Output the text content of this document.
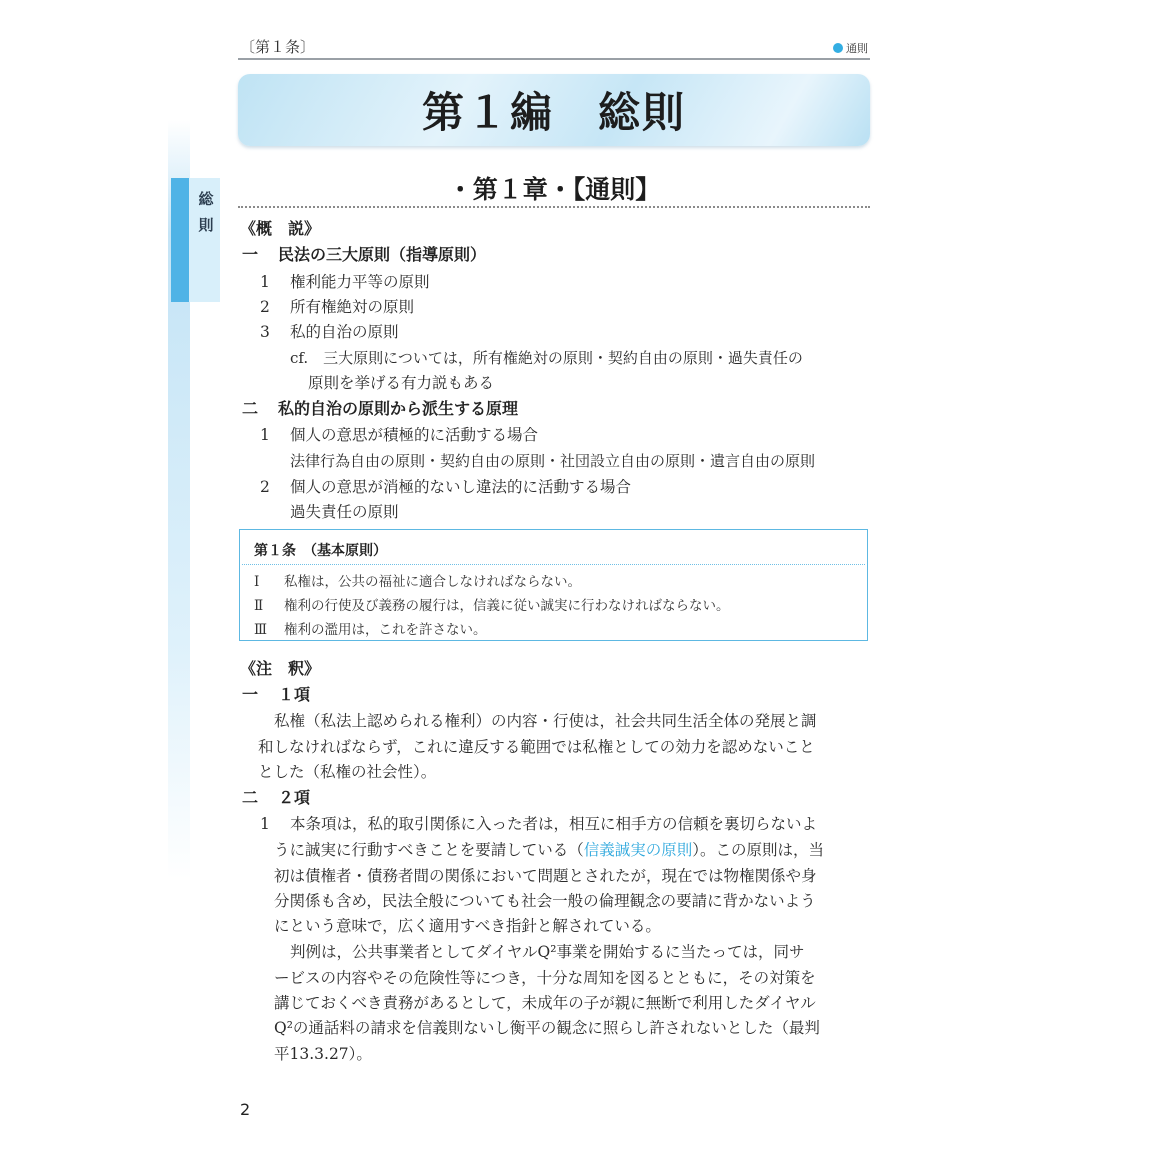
総則
〔第１条〕	通則
第１編　総則
・第１章・【通則】
《概　説》
一 民法の三大原則（指導原則）
1 権利能力平等の原則
2 所有権絶対の原則
3 私的自治の原則
cf.　三大原則については，所有権絶対の原則・契約自由の原則・過失責任の
原則を挙げる有力説もある
二 私的自治の原則から派生する原理
1 個人の意思が積極的に活動する場合
法律行為自由の原則・契約自由の原則・社団設立自由の原則・遺言自由の原則
2 個人の意思が消極的ないし違法的に活動する場合
過失責任の原則
第１条　（基本原則）
Ⅰ 私権は，公共の福祉に適合しなければならない。
Ⅱ 権利の行使及び義務の履行は，信義に従い誠実に行わなければならない。
Ⅲ 権利の濫用は，これを許さない。
《注　釈》
一 １項
私権（私法上認められる権利）の内容・行使は，社会共同生活全体の発展と調
和しなければならず，これに違反する範囲では私権としての効力を認めないこと
とした（私権の社会性）。
二 ２項
1 本条項は，私的取引関係に入った者は，相互に相手方の信頼を裏切らないよ
うに誠実に行動すべきことを要請している（信義誠実の原則）。この原則は，当
初は債権者・債務者間の関係において問題とされたが，現在では物権関係や身
分関係も含め，民法全般についても社会一般の倫理観念の要請に背かないよう
にという意味で，広く適用すべき指針と解されている。
判例は，公共事業者としてダイヤルQ²事業を開始するに当たっては，同サ
ービスの内容やその危険性等につき，十分な周知を図るとともに，その対策を
講じておくべき責務があるとして，未成年の子が親に無断で利用したダイヤル
Q²の通話料の請求を信義則ないし衡平の観念に照らし許されないとした（最判
平13.3.27）。
2
